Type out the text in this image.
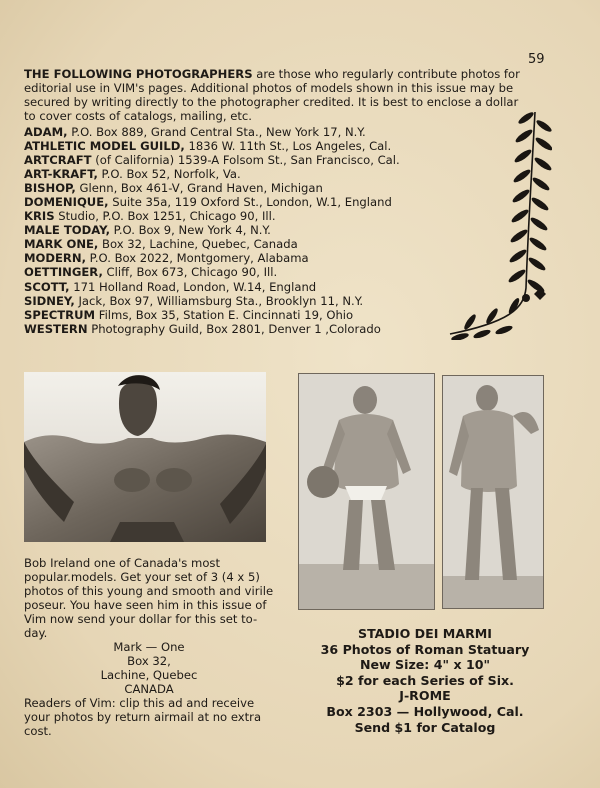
59

THE FOLLOWING PHOTOGRAPHERS are those who regularly contribute photos for editorial use in VIM's pages. Additional photos of models shown in this issue may be secured by writing directly to the photographer credited. It is best to enclose a dollar to cover costs of catalogs, mailing, etc.

ADAM, P.O. Box 889, Grand Central Sta., New York 17, N.Y.
ATHLETIC MODEL GUILD, 1836 W. 11th St., Los Angeles, Cal.
ARTCRAFT (of California) 1539-A Folsom St., San Francisco, Cal.
ART-KRAFT, P.O. Box 52, Norfolk, Va.
BISHOP, Glenn, Box 461-V, Grand Haven, Michigan
DOMENIQUE, Suite 35a, 119 Oxford St., London, W.1, England
KRIS Studio, P.O. Box 1251, Chicago 90, Ill.
MALE TODAY, P.O. Box 9, New York 4, N.Y.
MARK ONE, Box 32, Lachine, Quebec, Canada
MODERN, P.O. Box 2022, Montgomery, Alabama
OETTINGER, Cliff, Box 673, Chicago 90, Ill.
SCOTT, 171 Holland Road, London, W.14, England
SIDNEY, Jack, Box 97, Williamsburg Sta., Brooklyn 11, N.Y.
SPECTRUM Films, Box 35, Station E. Cincinnati 19, Ohio
WESTERN Photography Guild, Box 2801, Denver 1 ,Colorado

Bob Ireland one of Canada's most popular.models. Get your set of 3 (4 x 5) photos of this young and smooth and virile poseur. You have seen him in this issue of Vim now send your dollar for this set to-day.

Mark — One
Box 32,
Lachine, Quebec
CANADA

Readers of Vim: clip this ad and receive your photos by return airmail at no extra cost.

STADIO DEI MARMI
36 Photos of Roman Statuary
New Size: 4" x 10"
$2 for each Series of Six.
J-ROME
Box 2303 — Hollywood, Cal.
Send $1 for Catalog
